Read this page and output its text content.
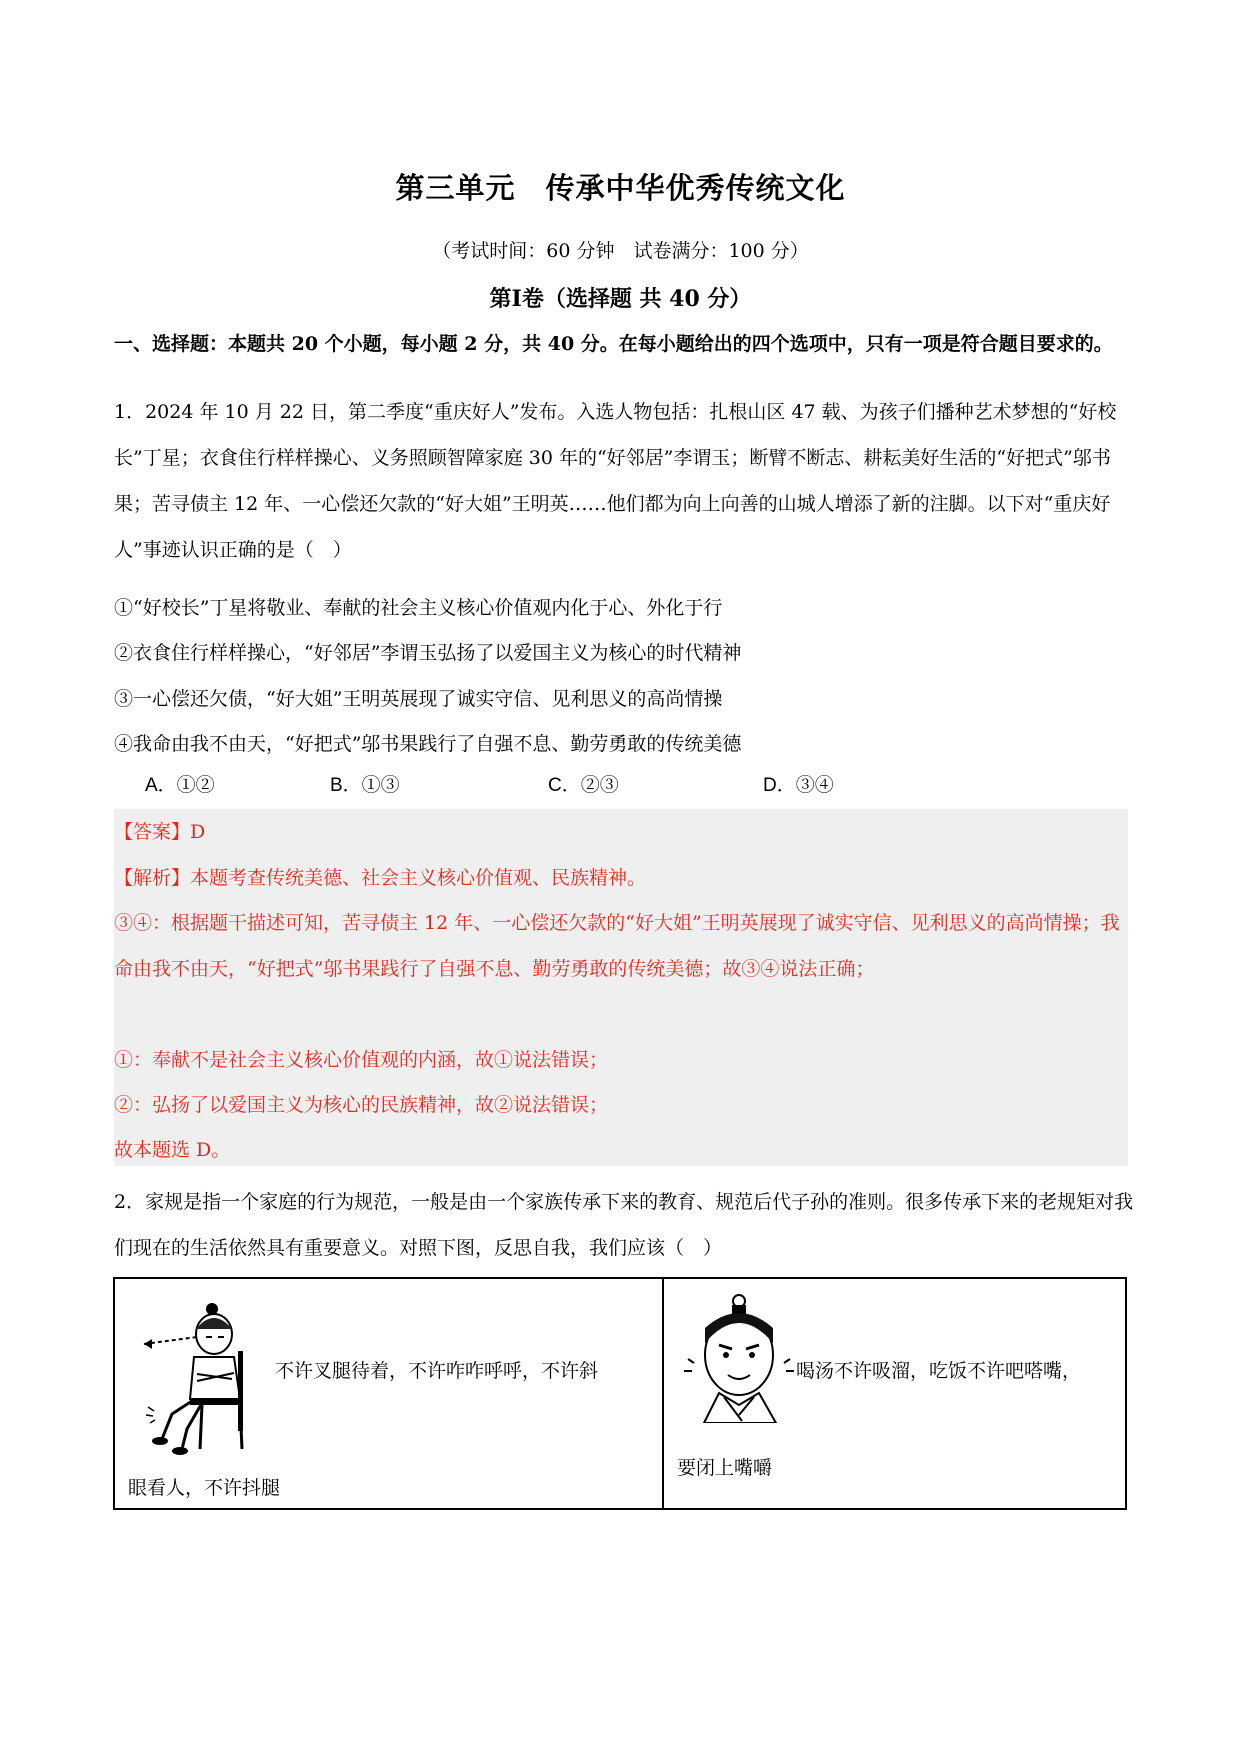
第三单元　传承中华优秀传统文化
（考试时间：60 分钟　试卷满分：100 分）
第Ⅰ卷（选择题 共 40 分）
一、选择题：本题共 20 个小题，每小题 2 分，共 40 分。在每小题给出的四个选项中，只有一项是符合题目要求的。
1．2024 年 10 月 22 日，第二季度“重庆好人”发布。入选人物包括：扎根山区 47 载、为孩子们播种艺术梦想的“好校长”丁星；衣食住行样样操心、义务照顾智障家庭 30 年的“好邻居”李谓玉；断臂不断志、耕耘美好生活的“好把式”邬书果；苦寻债主 12 年、一心偿还欠款的“好大姐”王明英……他们都为向上向善的山城人增添了新的注脚。以下对“重庆好人”事迹认识正确的是（　）
①“好校长”丁星将敬业、奉献的社会主义核心价值观内化于心、外化于行
②衣食住行样样操心，“好邻居”李谓玉弘扬了以爱国主义为核心的时代精神
③一心偿还欠债，“好大姐”王明英展现了诚实守信、见利思义的高尚情操
④我命由我不由天，“好把式”邬书果践行了自强不息、勤劳勇敢的传统美德
A．①②	B．①③	C．②③	D．③④
【答案】D
【解析】本题考查传统美德、社会主义核心价值观、民族精神。
③④：根据题干描述可知，苦寻债主 12 年、一心偿还欠款的“好大姐”王明英展现了诚实守信、见利思义的高尚情操；我命由我不由天，“好把式”邬书果践行了自强不息、勤劳勇敢的传统美德；故③④说法正确；
①：奉献不是社会主义核心价值观的内涵，故①说法错误；
②：弘扬了以爱国主义为核心的民族精神，故②说法错误；
故本题选 D。
2．家规是指一个家庭的行为规范，一般是由一个家族传承下来的教育、规范后代子孙的准则。很多传承下来的老规矩对我们现在的生活依然具有重要意义。对照下图，反思自我，我们应该（　）
不许叉腿待着，不许咋咋呼呼，不许斜
眼看人，不许抖腿

喝汤不许吸溜，吃饭不许吧嗒嘴，
要闭上嘴嚼
